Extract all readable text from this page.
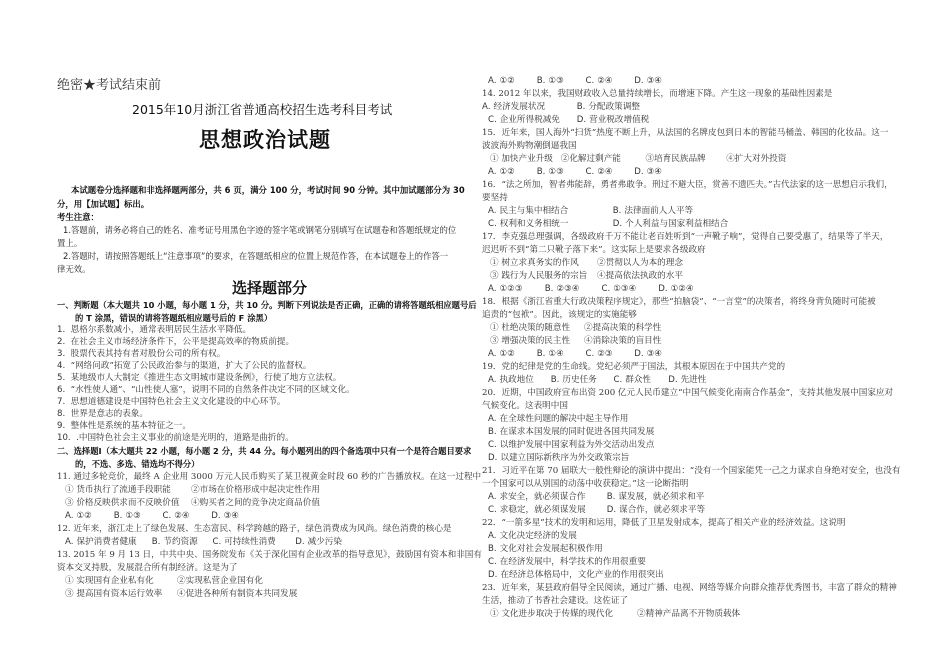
绝密★考试结束前
2015年10月浙江省普通高校招生选考科目考试
思想政治试题
本试题卷分选择题和非选择题两部分，共 6 页，满分 100 分，考试时间 90 分钟。其中加试题部分为 30
分，用【加试题】标出。
考生注意：
1.答题前，请务必将自己的姓名、准考证号用黑色字迹的签字笔或钢笔分别填写在试题卷和答题纸规定的位
置上。
2.答题时，请按照答题纸上“注意事项”的要求，在答题纸相应的位置上规范作答，在本试题卷上的作答一
律无效。
选择题部分
一、判断题（本大题共 10 小题，每小题 1 分，共 10 分。判断下列说法是否正确，正确的请将答题纸相应题号后
的 T 涂黑，错误的请将答题纸相应题号后的 F 涂黑）
1. 恩格尔系数减小，通常表明居民生活水平降低。
2. 在社会主义市场经济条件下，公平是提高效率的物质前提。
3. 股票代表其持有者对股份公司的所有权。
4. “网络问政”拓宽了公民政治参与的渠道，扩大了公民的监督权。
5. 某地级市人大制定《推进生态文明城市建设条例》，行使了地方立法权。
6. “水性使人通”、“山性使人塞”，说明不同的自然条件决定不同的区域文化。
7. 思想道德建设是中国特色社会主义文化建设的中心环节。
8. 世界是意志的表象。
9. 整体性是系统的基本特征之一。
10. .中国特色社会主义事业的前途是光明的，道路是曲折的。
二、选择题Ⅰ（本大题共 22 小题，每小题 2 分，共 44 分。每小题列出的四个备选项中只有一个是符合题目要求
的，不选、多选、错选均不得分）
11. 通过多轮竞价，最终 A 企业用 3000 万元人民币购买了某卫视黄金时段 60 秒的广告播放权。在这一过程中
① 货币执行了流通手段职能 ②市场在价格形成中起决定性作用
③ 价格反映供求而不反映价值 ④购买者之间的竞争决定商品价值
A. ①②	B. ①③	C. ②④	D. ③④
12. 近年来，浙江走上了绿色发展、生态富民、科学跨越的路子，绿色消费成为风尚。绿色消费的核心是
A. 保护消费者健康 B. 节约资源 C. 可持续性消费 D. 减少污染
13. 2015 年 9 月 13 日，中共中央、国务院发布《关于深化国有企业改革的指导意见》，鼓励国有资本和非国有
资本交叉持股，发展混合所有制经济。这是为了
① 实现国有企业私有化	②实现私营企业国有化
③ 提高国有资本运行效率 ④促进各种所有制资本共同发展
A. ①②	B. ①③	C. ②④	D. ③④
14. 2012 年以来，我国财政收入总量持续增长，而增速下降。产生这一现象的基础性因素是
A. 经济发展状况	B. 分配政策调整
C. 企业所得税减免 D. 营业税改增值税
15．近年来，国人海外“扫货”热度不断上升，从法国的名牌皮包到日本的智能马桶盖、韩国的化妆品。这一
波波海外购物潮倒逼我国
① 加快产业升级 ②化解过剩产能	③培育民族品牌 ④扩大对外投资
A. ①②	B. ①③	C. ②④	D. ③④
16．“法之所加，智者弗能辞，勇者弗敢争。刑过不避大臣，赏善不遗匹夫。”古代法家的这一思想启示我们，
要坚持
A. 民主与集中相结合	B. 法律面前人人平等
C. 权利和义务相统一	D. 个人利益与国家利益相结合
17．李克强总理强调，各级政府千万不能让老百姓听到“一声靴子响”，觉得自己要受惠了，结果等了半天，
迟迟听不到“第二只靴子落下来”。这实际上是要求各级政府
① 树立求真务实的作风 ②贯彻以人为本的理念
③ 践行为人民服务的宗旨 ④提高依法执政的水平
A. ①②③	B. ②③④	C. ①③④	D. ①②④
18．根据《浙江省重大行政决策程序规定》，那些“拍脑袋”、“一言堂”的决策者，将终身背负随时可能被
追责的“包袱”。因此，该规定的实施能够
① 杜绝决策的随意性 ②提高决策的科学性
③ 增强决策的民主性 ④消除决策的盲目性
A. ①②	B. ①④	C. ②③	D. ③④
19．党的纪律是党的生命线。党纪必须严于国法，其根本原因在于中国共产党的
A. 执政地位 B. 历史任务 C. 群众性 D. 先进性
20．近期，中国政府宣布出资 200 亿元人民币建立“中国气候变化南南合作基金”，支持其他发展中国家应对
气候变化。这表明中国
A. 在全球性问题的解决中起主导作用
B. 在谋求本国发展的同时促进各国共同发展
C. 以维护发展中国家利益为外交活动出发点
D. 以建立国际新秩序为外交政策宗旨
21．习近平在第 70 届联大一般性辩论的演讲中提出：“没有一个国家能凭一己之力谋求自身绝对安全，也没有
一个国家可以从别国的动荡中收获稳定。”这一论断指明
A. 求安全，就必须谋合作 B. 谋发展，就必须求和平
C. 求稳定，就必须谋发展 D. 谋合作，就必须求平等
22．“一箭多星”技术的发明和运用，降低了卫星发射成本，提高了相关产业的经济效益。这说明
A. 文化决定经济的发展
B. 文化对社会发展起积极作用
C. 在经济发展中，科学技术的作用很重要
D. 在经济总体格局中，文化产业的作用很突出
23．近年来，某县政府倡导全民阅读，通过广播、电视、网络等媒介向群众推荐优秀图书，丰富了群众的精神
生活，推动了书香社会建设。这佐证了
① 文化进步取决于传媒的现代化	②精神产品离不开物质载体
